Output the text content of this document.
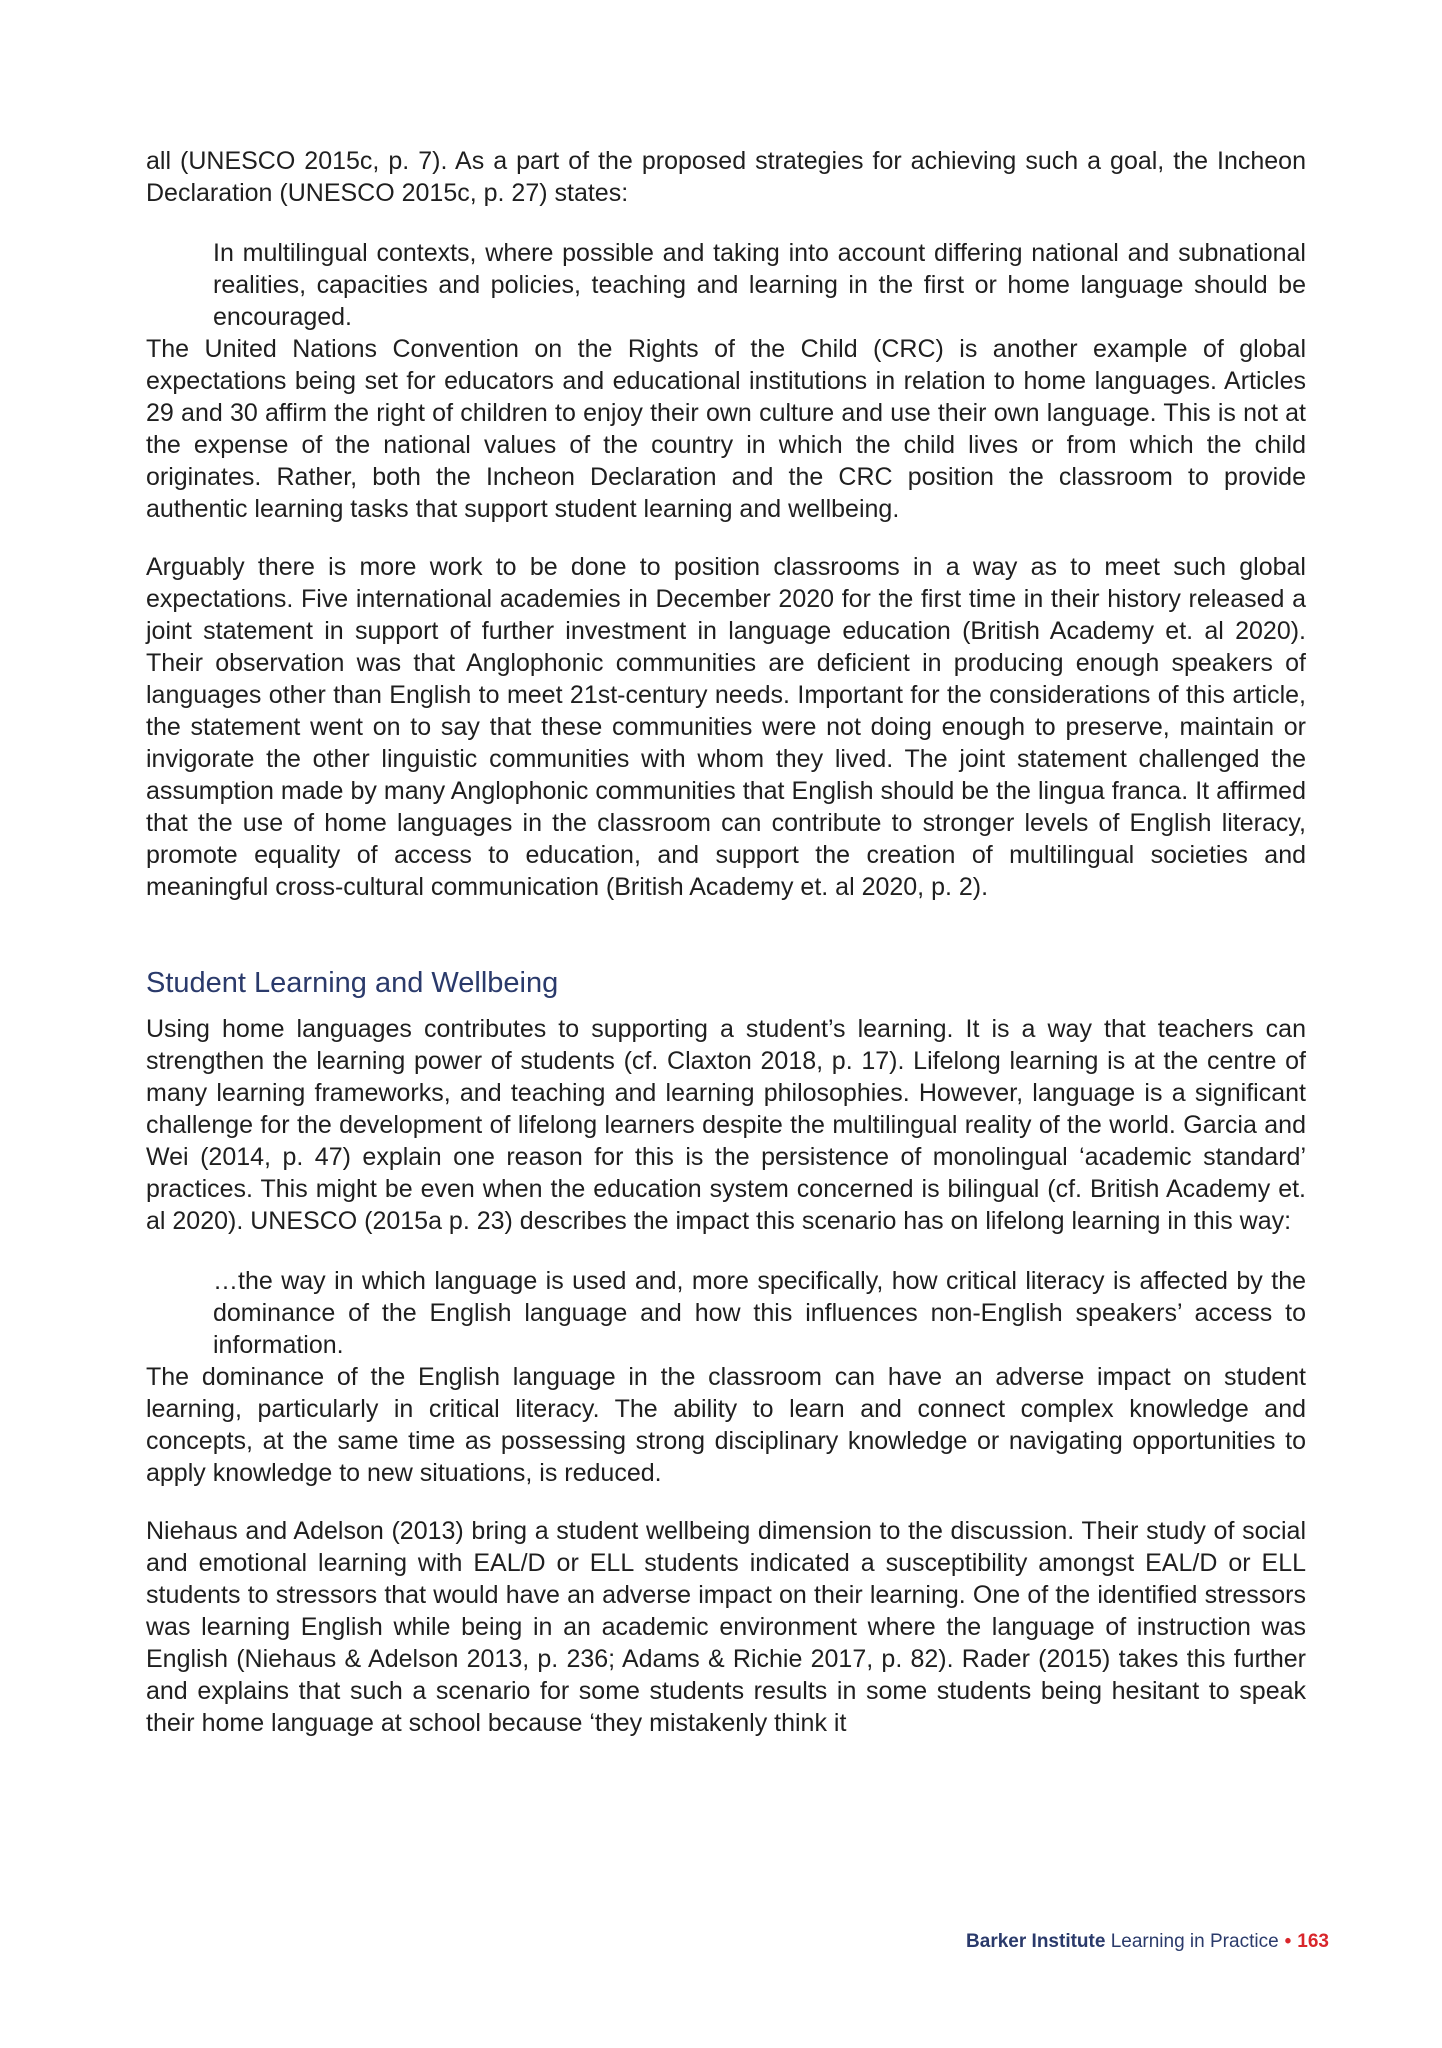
all (UNESCO 2015c, p. 7). As a part of the proposed strategies for achieving such a goal, the Incheon Declaration (UNESCO 2015c, p. 27) states:

In multilingual contexts, where possible and taking into account differing national and subnational realities, capacities and policies, teaching and learning in the first or home language should be encouraged.

The United Nations Convention on the Rights of the Child (CRC) is another example of global expectations being set for educators and educational institutions in relation to home languages. Articles 29 and 30 affirm the right of children to enjoy their own culture and use their own language. This is not at the expense of the national values of the country in which the child lives or from which the child originates. Rather, both the Incheon Declaration and the CRC position the classroom to provide authentic learning tasks that support student learning and wellbeing.

Arguably there is more work to be done to position classrooms in a way as to meet such global expectations. Five international academies in December 2020 for the first time in their history released a joint statement in support of further investment in language education (British Academy et. al 2020). Their observation was that Anglophonic communities are deficient in producing enough speakers of languages other than English to meet 21st-century needs. Important for the considerations of this article, the statement went on to say that these communities were not doing enough to preserve, maintain or invigorate the other linguistic communities with whom they lived. The joint statement challenged the assumption made by many Anglophonic communities that English should be the lingua franca. It affirmed that the use of home languages in the classroom can contribute to stronger levels of English literacy, promote equality of access to education, and support the creation of multilingual societies and meaningful cross-cultural communication (British Academy et. al 2020, p. 2).

Student Learning and Wellbeing

Using home languages contributes to supporting a student’s learning. It is a way that teachers can strengthen the learning power of students (cf. Claxton 2018, p. 17). Lifelong learning is at the centre of many learning frameworks, and teaching and learning philosophies. However, language is a significant challenge for the development of lifelong learners despite the multilingual reality of the world. Garcia and Wei (2014, p. 47) explain one reason for this is the persistence of monolingual ‘academic standard’ practices. This might be even when the education system concerned is bilingual (cf. British Academy et. al 2020). UNESCO (2015a p. 23) describes the impact this scenario has on lifelong learning in this way:

…the way in which language is used and, more specifically, how critical literacy is affected by the dominance of the English language and how this influences non-English speakers’ access to information.

The dominance of the English language in the classroom can have an adverse impact on student learning, particularly in critical literacy. The ability to learn and connect complex knowledge and concepts, at the same time as possessing strong disciplinary knowledge or navigating opportunities to apply knowledge to new situations, is reduced.

Niehaus and Adelson (2013) bring a student wellbeing dimension to the discussion. Their study of social and emotional learning with EAL/D or ELL students indicated a susceptibility amongst EAL/D or ELL students to stressors that would have an adverse impact on their learning. One of the identified stressors was learning English while being in an academic environment where the language of instruction was English (Niehaus & Adelson 2013, p. 236; Adams & Richie 2017, p. 82). Rader (2015) takes this further and explains that such a scenario for some students results in some students being hesitant to speak their home language at school because ‘they mistakenly think it

Barker Institute Learning in Practice • 163
